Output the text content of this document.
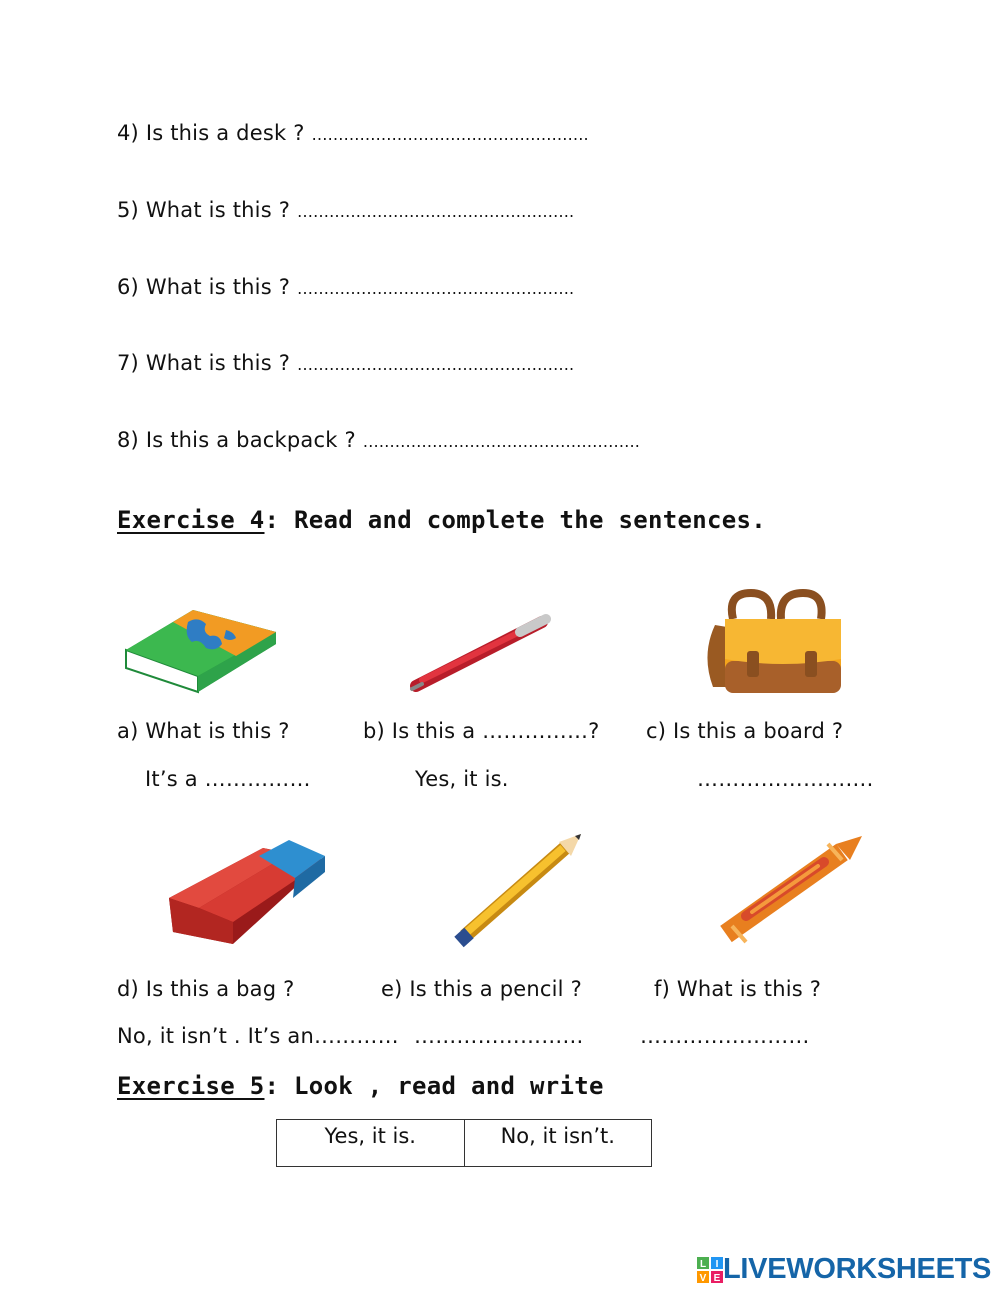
4) Is this a desk ? …………………………………………….
5) What is this ? …………………………………………….
6) What is this ? …………………………………………….
7) What is this ? …………………………………………….
8) Is this a backpack ? …………………………………………….
Exercise 4: Read and complete the sentences.
a) What is this ?
It’s a ……………
b) Is this a ……………?
Yes, it is.
c) Is this a board ?
…………………….
d) Is this a bag ?
No, it isn’t . It’s an…………
e) Is this a pencil ?
……………………
f) What is this ?
……………………
Exercise 5: Look , read and write
Yes, it is.	No, it isn’t.
L I
V E LIVEWORKSHEETS
